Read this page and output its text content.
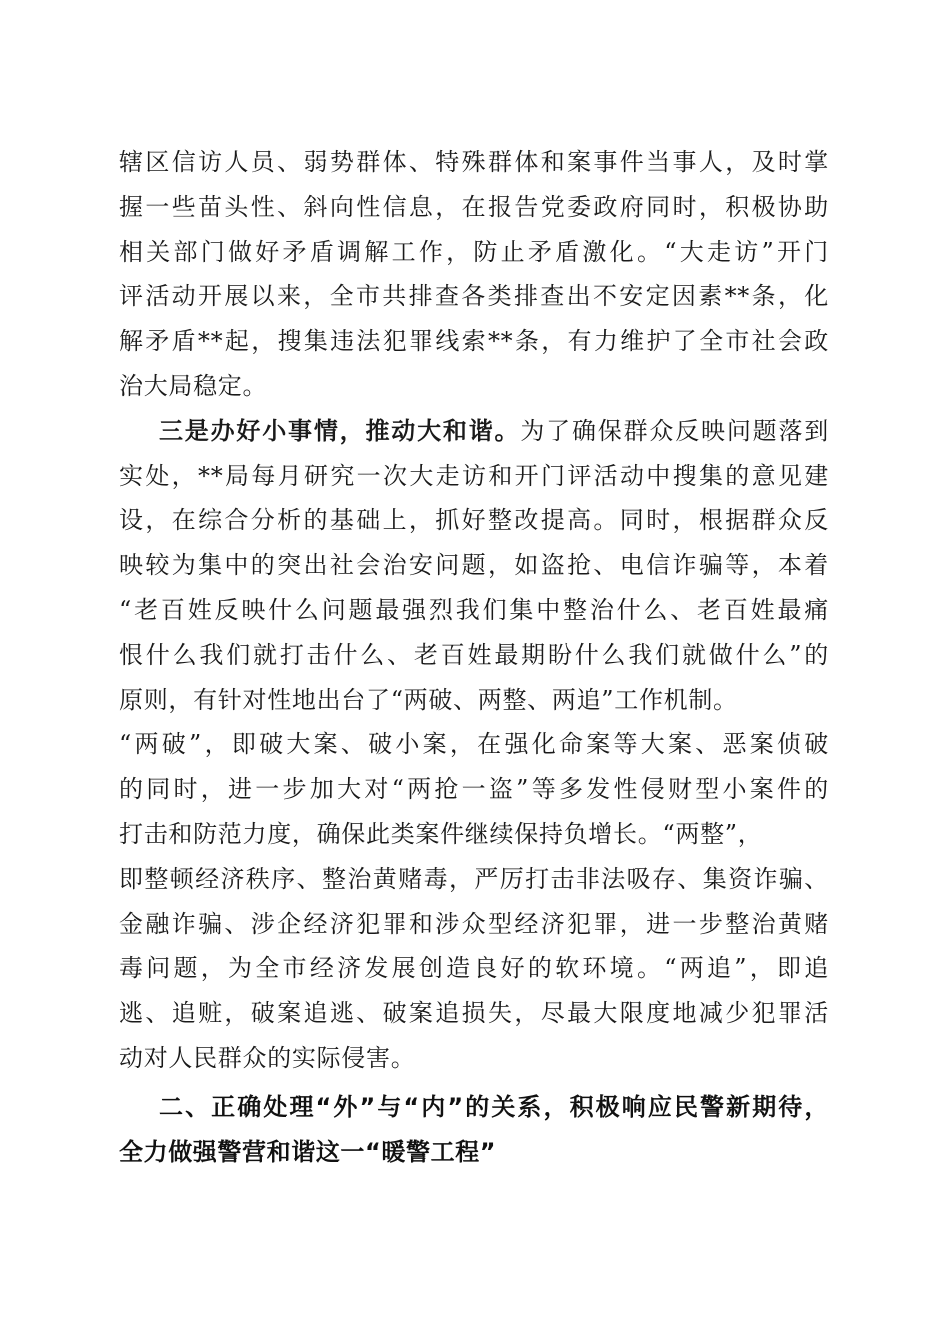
辖区信访人员、弱势群体、特殊群体和案事件当事人，及时掌
握一些苗头性、斜向性信息，在报告党委政府同时，积极协助
相关部门做好矛盾调解工作，防止矛盾激化。“大走访”开门
评活动开展以来，全市共排查各类排查出不安定因素**条，化
解矛盾**起，搜集违法犯罪线索**条，有力维护了全市社会政
治大局稳定。
三是办好小事情，推动大和谐。为了确保群众反映问题落到
实处，**局每月研究一次大走访和开门评活动中搜集的意见建
设，在综合分析的基础上，抓好整改提高。同时，根据群众反
映较为集中的突出社会治安问题，如盗抢、电信诈骗等，本着
“老百姓反映什么问题最强烈我们集中整治什么、老百姓最痛
恨什么我们就打击什么、老百姓最期盼什么我们就做什么”的
原则，有针对性地出台了“两破、两整、两追”工作机制。
“两破”，即破大案、破小案，在强化命案等大案、恶案侦破
的同时，进一步加大对“两抢一盗”等多发性侵财型小案件的
打击和防范力度，确保此类案件继续保持负增长。“两整”，
即整顿经济秩序、整治黄赌毒，严厉打击非法吸存、集资诈骗、
金融诈骗、涉企经济犯罪和涉众型经济犯罪，进一步整治黄赌
毒问题，为全市经济发展创造良好的软环境。“两追”，即追
逃、追赃，破案追逃、破案追损失，尽最大限度地减少犯罪活
动对人民群众的实际侵害。
二、正确处理“外”与“内”的关系，积极响应民警新期待，
全力做强警营和谐这一“暖警工程”
